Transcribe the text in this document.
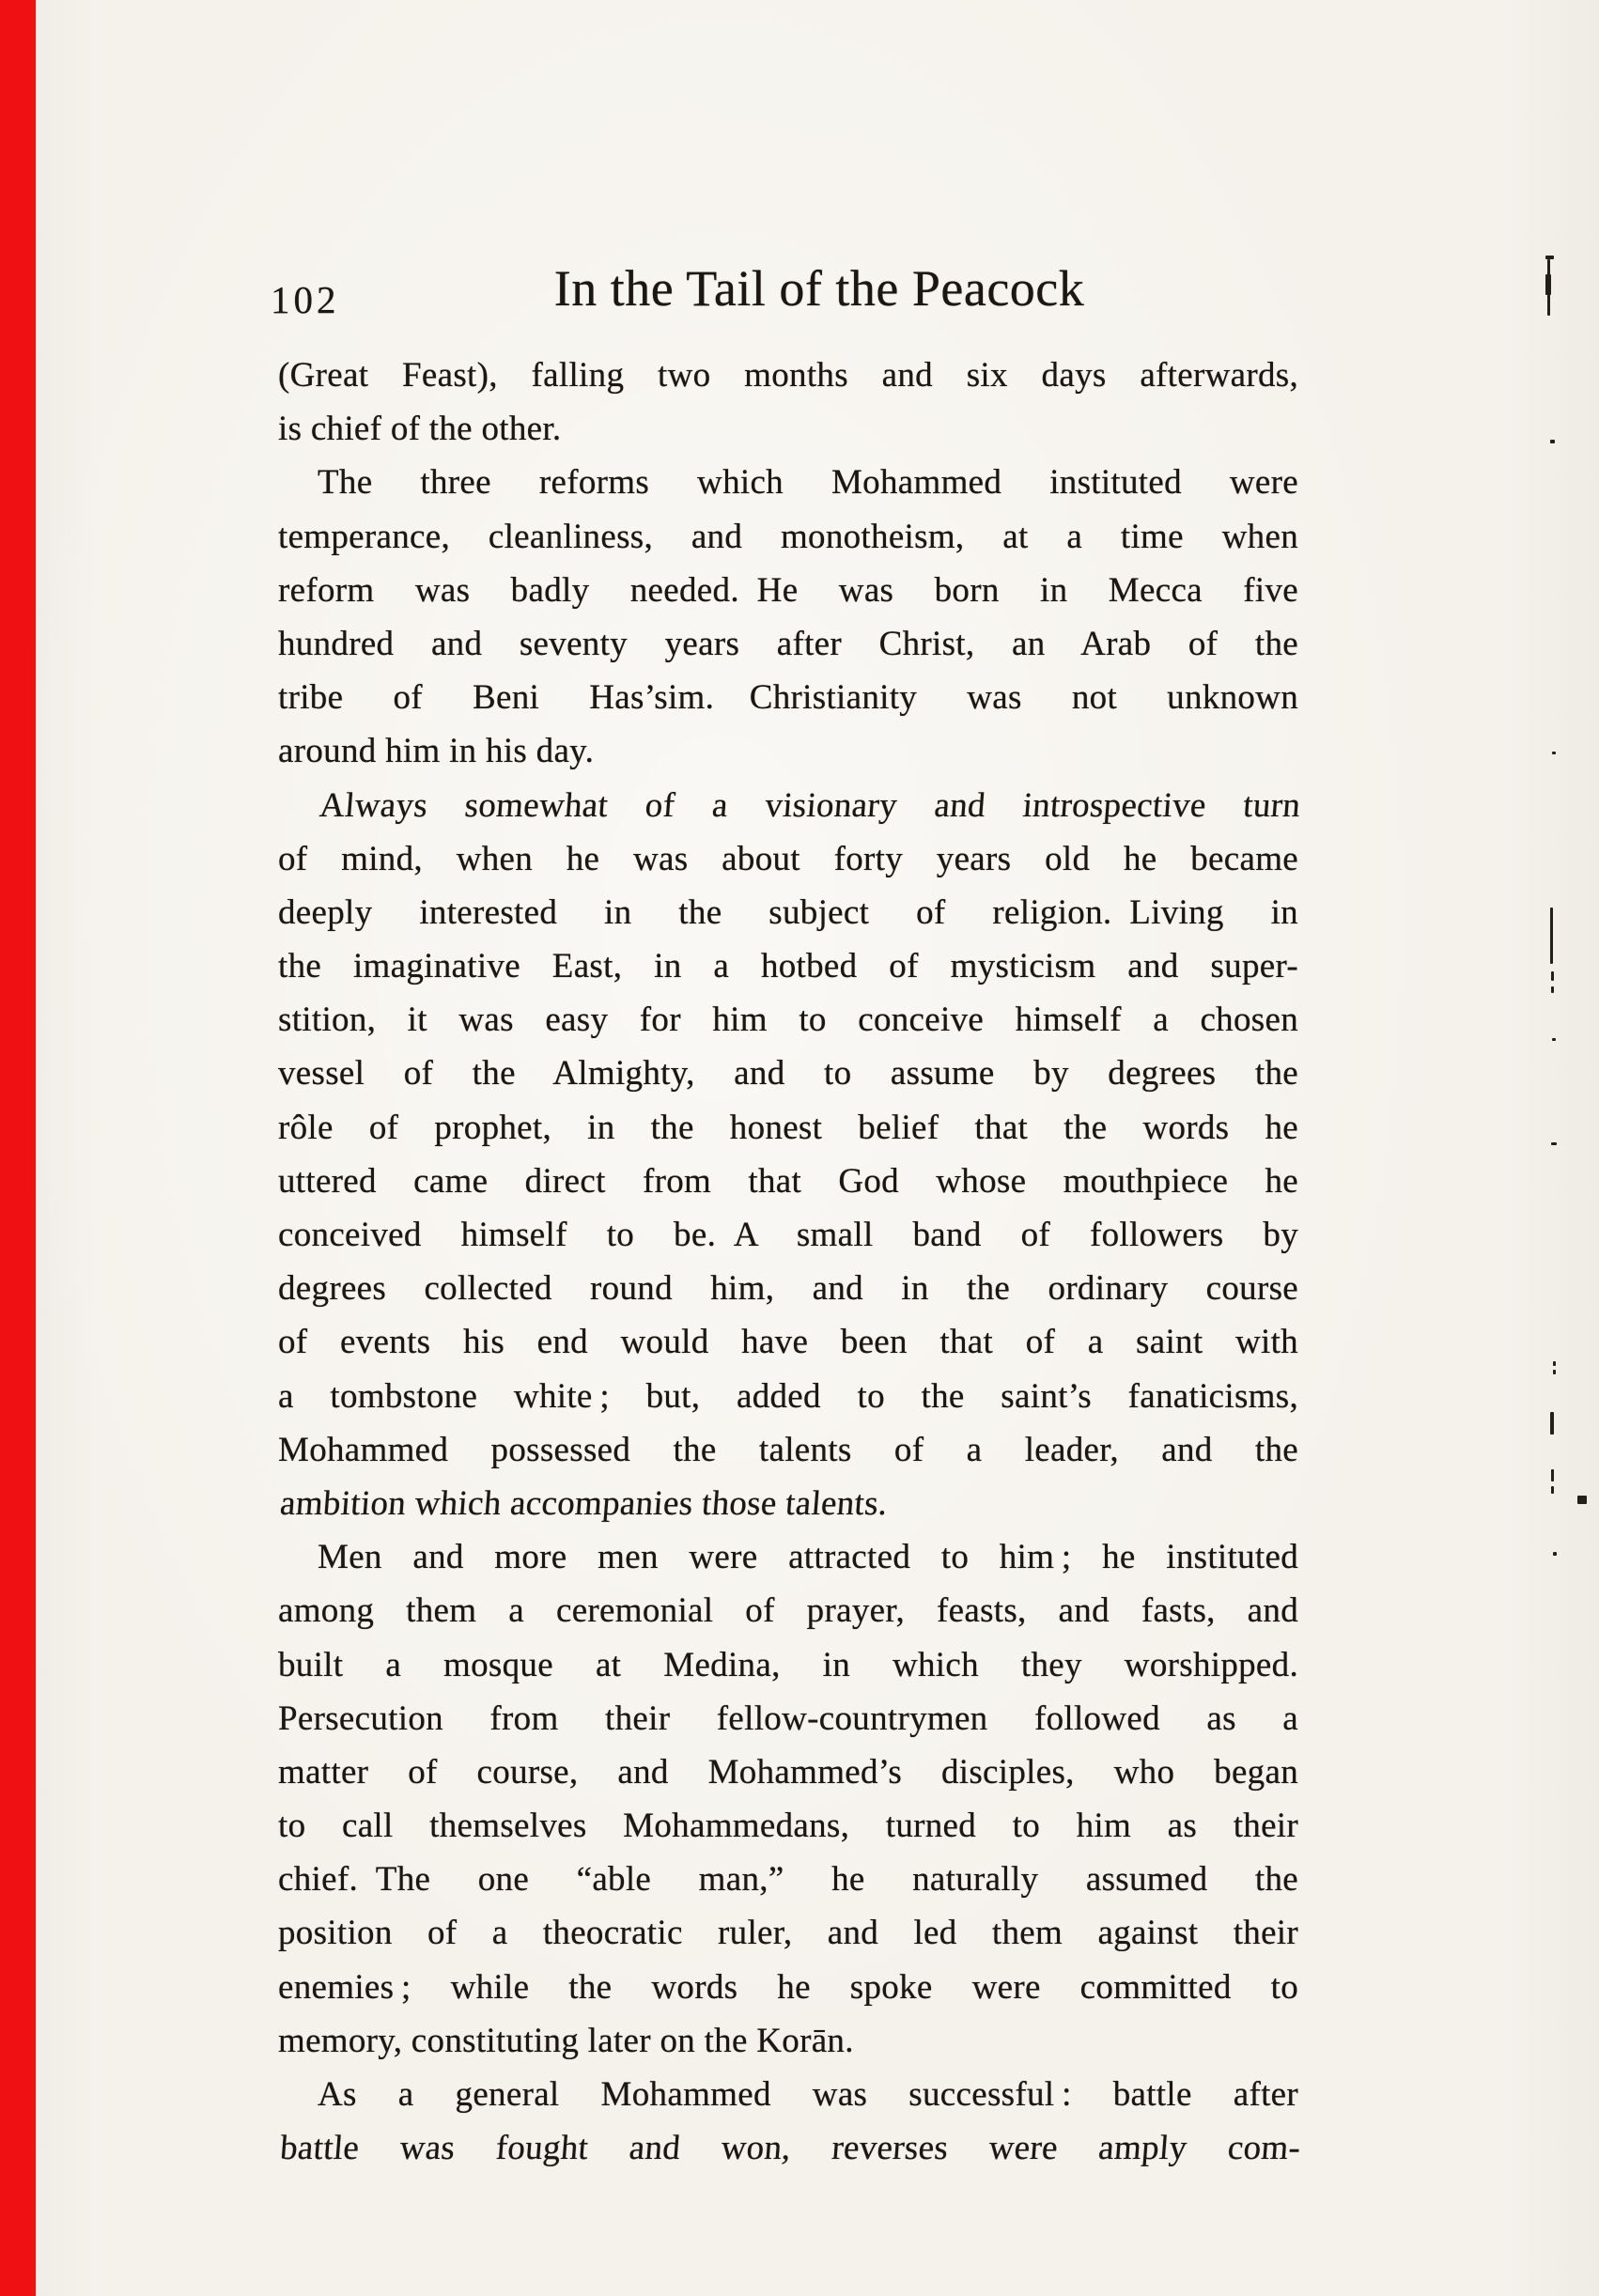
102	In the Tail of the Peacock
(Great Feast), falling two months and six days afterwards,
is chief of the other.
The three reforms which Mohammed instituted were
temperance, cleanliness, and monotheism, at a time when
reform was badly needed. He was born in Mecca five
hundred and seventy years after Christ, an Arab of the
tribe of Beni Has’sim.  Christianity was not unknown
around him in his day.
Always somewhat of a visionary and introspective turn
of mind, when he was about forty years old he became
deeply interested in the subject of religion. Living in
the imaginative East, in a hotbed of mysticism and super-
stition, it was easy for him to conceive himself a chosen
vessel of the Almighty, and to assume by degrees the
rôle of prophet, in the honest belief that the words he
uttered came direct from that God whose mouthpiece he
conceived himself to be. A small band of followers by
degrees collected round him, and in the ordinary course
of events his end would have been that of a saint with
a tombstone white ; but, added to the saint’s fanaticisms,
Mohammed possessed the talents of a leader, and the
ambition which accompanies those talents.
Men and more men were attracted to him ; he instituted
among them a ceremonial of prayer, feasts, and fasts, and
built a mosque at Medina, in which they worshipped.
Persecution from their fellow-countrymen followed as a
matter of course, and Mohammed’s disciples, who began
to call themselves Mohammedans, turned to him as their
chief. The one “able man,” he naturally assumed the
position of a theocratic ruler, and led them against their
enemies ; while the words he spoke were committed to
memory, constituting later on the Korān.
As a general Mohammed was successful : battle after
battle was fought and won, reverses were amply com-
